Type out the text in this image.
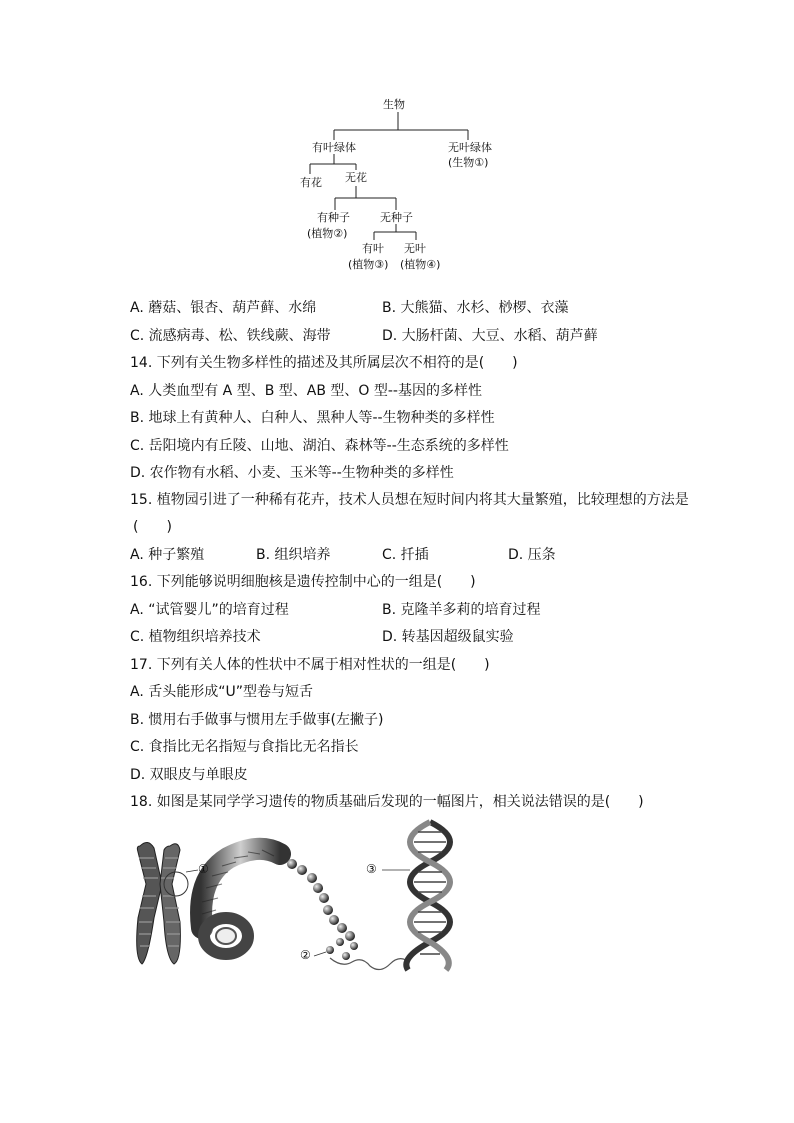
生物
有叶绿体	无叶绿体
(生物①)
有花 无花
有种子
(植物②)
无种子
有叶
(植物③)
无叶
(植物④)
A. 蘑菇、银杏、葫芦藓、水绵	B. 大熊猫、水杉、桫椤、衣藻
C. 流感病毒、松、铁线蕨、海带	D. 大肠杆菌、大豆、水稻、葫芦藓
14. 下列有关生物多样性的描述及其所属层次不相符的是(　　)
A. 人类血型有 A 型、B 型、AB 型、O 型--基因的多样性
B. 地球上有黄种人、白种人、黑种人等--生物种类的多样性
C. 岳阳境内有丘陵、山地、湖泊、森林等--生态系统的多样性
D. 农作物有水稻、小麦、玉米等--生物种类的多样性
15. 植物园引进了一种稀有花卉，技术人员想在短时间内将其大量繁殖，比较理想的方法是
(　　)
A. 种子繁殖	B. 组织培养	C. 扦插	D. 压条
16. 下列能够说明细胞核是遗传控制中心的一组是(　　)
A. “试管婴儿”的培育过程	B. 克隆羊多莉的培育过程
C. 植物组织培养技术	D. 转基因超级鼠实验
17. 下列有关人体的性状中不属于相对性状的一组是(　　)
A. 舌头能形成“U”型卷与短舌
B. 惯用右手做事与惯用左手做事(左撇子)
C. 食指比无名指短与食指比无名指长
D. 双眼皮与单眼皮
18. 如图是某同学学习遗传的物质基础后发现的一幅图片，相关说法错误的是(　　)
①
②
③
